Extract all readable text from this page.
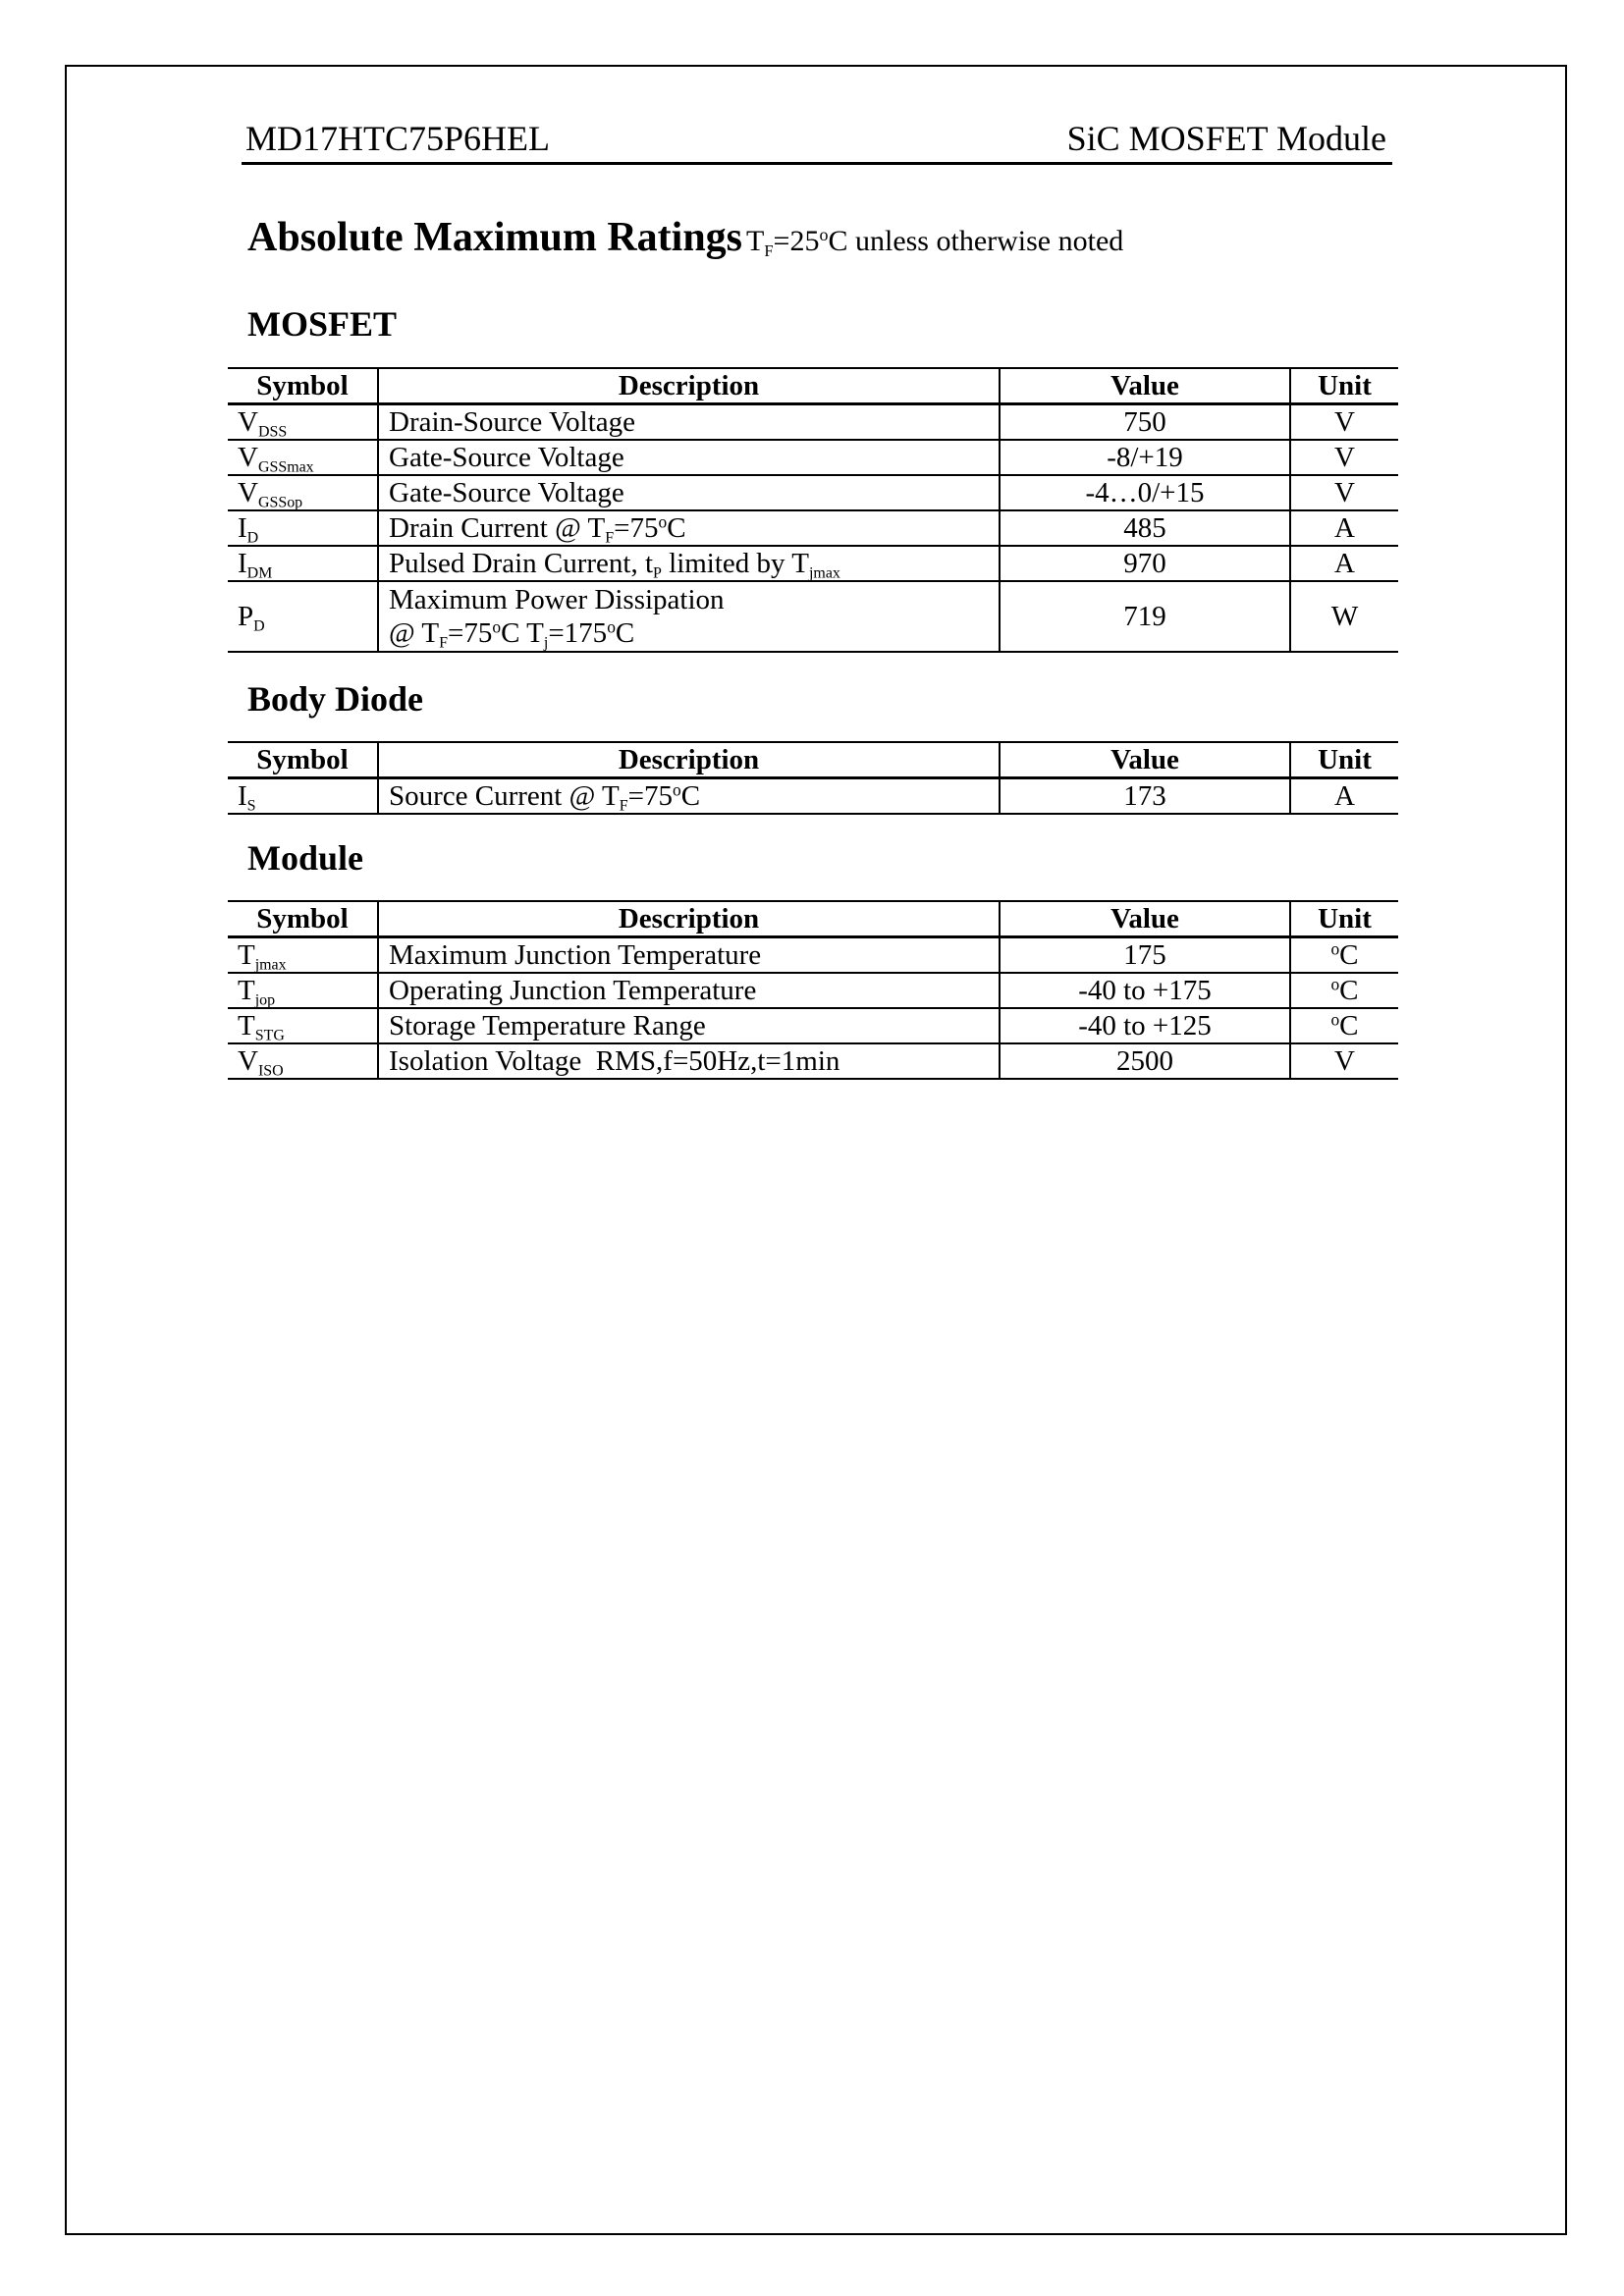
MD17HTC75P6HEL	SiC MOSFET Module
Absolute Maximum Ratings $T_F=25^oC$ unless otherwise noted
MOSFET
Symbol	Description	Value	Unit
$V_{DSS}$	Drain-Source Voltage	750	V
$V_{GSSmax}$	Gate-Source Voltage	-8/+19	V
$V_{GSSop}$	Gate-Source Voltage	-4…0/+15	V
$I_D$	Drain Current @ $T_F=75^oC$	485	A
$I_{DM}$	Pulsed Drain Current, $t_P$ limited by $T_{jmax}$	970	A
$P_D$	Maximum Power Dissipation
@ $T_F=75^oC$ $T_j=175^oC$	719	W
Body Diode
Symbol	Description	Value	Unit
$I_S$	Source Current @ $T_F=75^oC$	173	A
Module
Symbol	Description	Value	Unit
$T_{jmax}$	Maximum Junction Temperature	175	$^o$C
$T_{jop}$	Operating Junction Temperature	-40 to +175	$^o$C
$T_{STG}$	Storage Temperature Range	-40 to +125	$^o$C
$V_{ISO}$	Isolation Voltage  RMS,f=50Hz,t=1min	2500	V
